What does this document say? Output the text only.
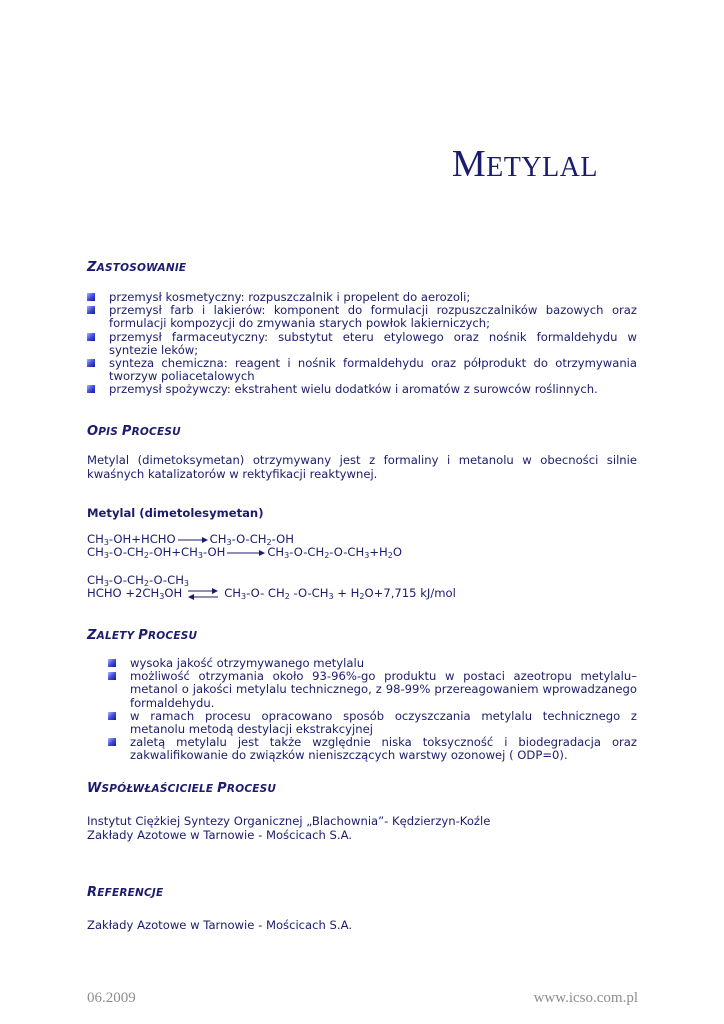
METYLAL
ZASTOSOWANIE
przemysł kosmetyczny: rozpuszczalnik i propelent do aerozoli;
przemysł farb i lakierów: komponent do formulacji rozpuszczalników bazowych oraz formulacji kompozycji do zmywania starych powłok lakierniczych;
przemysł farmaceutyczny: substytut eteru etylowego oraz nośnik formaldehydu w syntezie leków;
synteza chemiczna: reagent i nośnik formaldehydu oraz półprodukt do otrzymywania tworzyw poliacetalowych
przemysł spożywczy: ekstrahent wielu dodatków i aromatów z surowców roślinnych.
OPIS PROCESU

Metylal (dimetoksymetan) otrzymywany jest z formaliny i metanolu w obecności silnie kwaśnych katalizatorów w rektyfikacji reaktywnej.

Metylal (dimetolesymetan)

$CH_3-OH+HCHO \to CH_3-O-CH_2-OH$

$CH_3-O-CH_2-OH+CH_3-OH \to CH_3-O-CH_2-O-CH_3+H_2O$

$CH_3-O-CH_2-O-CH_3$

HCHO $+2CH_3OH$ ⇌ $CH_3-O-$ $CH_2$ $-O-CH_3 + H_2O+7,715$ kJ/mol

ZALETY PROCESU
wysoka jakość otrzymywanego metylalu
możliwość otrzymania około 93-96%-go produktu w postaci azeotropu metylalu– metanol o jakości metylalu technicznego, z 98-99% przereagowaniem wprowadzanego formaldehydu.
w ramach procesu opracowano sposób oczyszczania metylalu technicznego z metanolu metodą destylacji ekstrakcyjnej
zaletą metylalu jest także względnie niska toksyczność i biodegradacja oraz zakwalifikowanie do związków nieniszczących warstwy ozonowej ( ODP=0).
WSPÓŁWŁAŚCICIELE PROCESU

Instytut Ciężkiej Syntezy Organicznej „Blachownia”- Kędzierzyn-Koźle

Zakłady Azotowe w Tarnowie - Mościcach S.A.

REFERENCJE

Zakłady Azotowe w Tarnowie - Mościcach S.A.

06.2009	www.icso.com.pl
